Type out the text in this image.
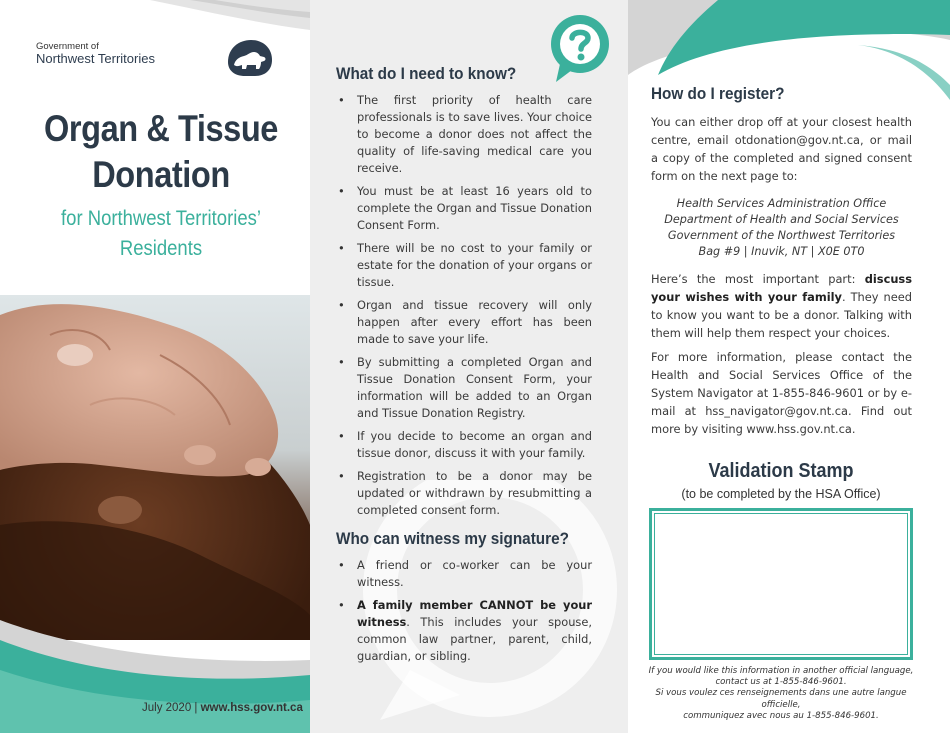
Government of
Northwest Territories
Organ & Tissue
Donation
for Northwest Territories’
Residents
July 2020 | www.hss.gov.nt.ca
What do I need to know?
• The first priority of health care professionals is to save lives. Your choice to become a donor does not affect the quality of life-saving medical care you receive.
• You must be at least 16 years old to complete the Organ and Tissue Donation Consent Form.
• There will be no cost to your family or estate for the donation of your organs or tissue.
• Organ and tissue recovery will only happen after every effort has been made to save your life.
• By submitting a completed Organ and Tissue Donation Consent Form, your information will be added to an Organ and Tissue Donation Registry.
• If you decide to become an organ and tissue donor, discuss it with your family.
• Registration to be a donor may be updated or withdrawn by resubmitting a completed consent form.
Who can witness my signature?
• A friend or co-worker can be your witness.
• A family member CANNOT be your witness. This includes your spouse, common law partner, parent, child, guardian, or sibling.
How do I register?

You can either drop off at your closest health centre, email otdonation@gov.nt.ca, or mail a copy of the completed and signed consent form on the next page to:

Health Services Administration Office
Department of Health and Social Services
Government of the Northwest Territories
Bag #9 | Inuvik, NT | X0E 0T0

Here’s the most important part: discuss your wishes with your family. They need to know you want to be a donor. Talking with them will help them respect your choices.

For more information, please contact the Health and Social Services Office of the System Navigator at 1-855-846-9601 or by e-mail at hss_navigator@gov.nt.ca. Find out more by visiting www.hss.gov.nt.ca.

Validation Stamp
(to be completed by the HSA Office)
If you would like this information in another official language,
contact us at 1-855-846-9601.
Si vous voulez ces renseignements dans une autre langue officielle,
communiquez avec nous au 1-855-846-9601.
